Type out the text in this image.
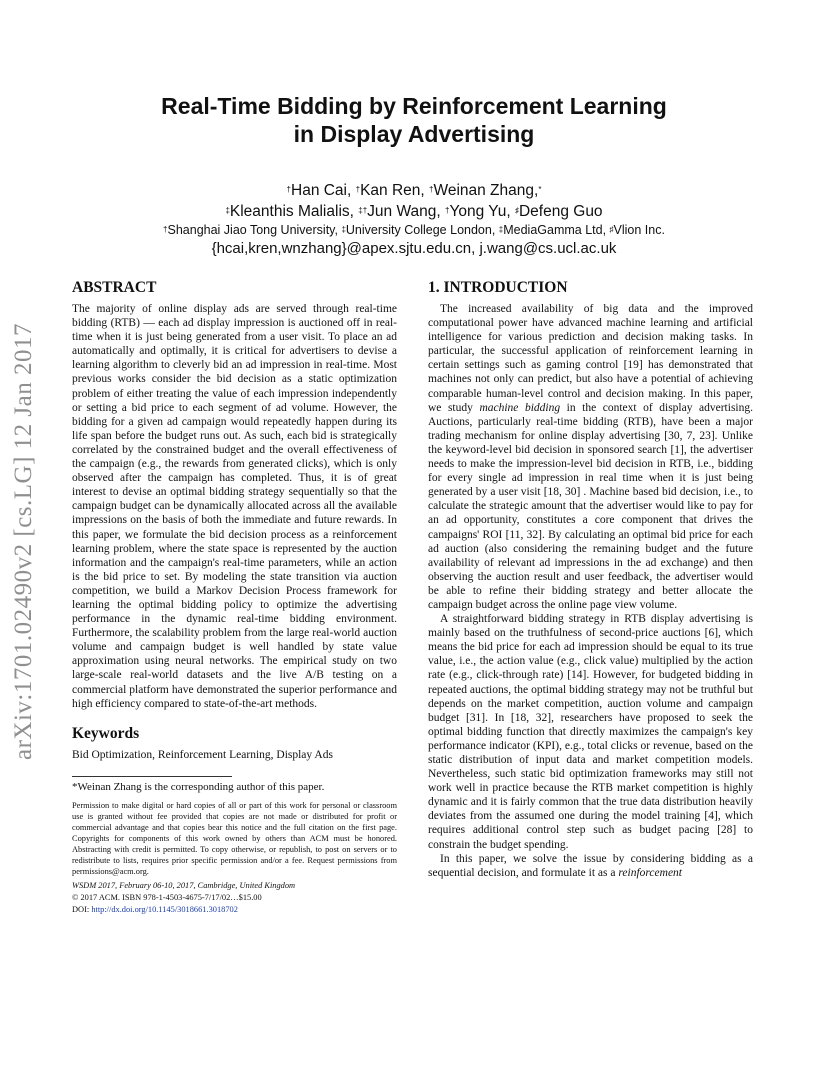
arXiv:1701.02490v2 [cs.LG] 12 Jan 2017
Real-Time Bidding by Reinforcement Learning
in Display Advertising
†Han Cai, †Kan Ren, †Weinan Zhang,*
‡Kleanthis Malialis, ‡†Jun Wang, †Yong Yu, ♯Defeng Guo
†Shanghai Jiao Tong University, ‡University College London, ‡MediaGamma Ltd, ♯Vlion Inc.
{hcai,kren,wnzhang}@apex.sjtu.edu.cn, j.wang@cs.ucl.ac.uk
ABSTRACT

The majority of online display ads are served through real-time bidding (RTB) — each ad display impression is auctioned off in real-time when it is just being generated from a user visit. To place an ad automatically and optimally, it is critical for advertisers to devise a learning algorithm to cleverly bid an ad impression in real-time. Most previous works consider the bid decision as a static optimization problem of either treating the value of each impression independently or setting a bid price to each segment of ad volume. However, the bidding for a given ad campaign would repeatedly happen during its life span before the budget runs out. As such, each bid is strategically correlated by the constrained budget and the overall effectiveness of the campaign (e.g., the rewards from generated clicks), which is only observed after the campaign has completed. Thus, it is of great interest to devise an optimal bidding strategy sequentially so that the campaign budget can be dynamically allocated across all the available impressions on the basis of both the immediate and future rewards. In this paper, we formulate the bid decision process as a reinforcement learning problem, where the state space is represented by the auction information and the campaign's real-time parameters, while an action is the bid price to set. By modeling the state transition via auction competition, we build a Markov Decision Process framework for learning the optimal bidding policy to optimize the advertising performance in the dynamic real-time bidding environment. Furthermore, the scalability problem from the large real-world auction volume and campaign budget is well handled by state value approximation using neural networks. The empirical study on two large-scale real-world datasets and the live A/B testing on a commercial platform have demonstrated the superior performance and high efficiency compared to state-of-the-art methods.

Keywords

Bid Optimization, Reinforcement Learning, Display Ads

*Weinan Zhang is the corresponding author of this paper.
Permission to make digital or hard copies of all or part of this work for personal or classroom use is granted without fee provided that copies are not made or distributed for profit or commercial advantage and that copies bear this notice and the full citation on the first page. Copyrights for components of this work owned by others than ACM must be honored. Abstracting with credit is permitted. To copy otherwise, or republish, to post on servers or to redistribute to lists, requires prior specific permission and/or a fee. Request permissions from permissions@acm.org.
WSDM 2017, February 06-10, 2017, Cambridge, United Kingdom
© 2017 ACM. ISBN 978-1-4503-4675-7/17/02…$15.00
DOI: http://dx.doi.org/10.1145/3018661.3018702
1. INTRODUCTION

The increased availability of big data and the improved computational power have advanced machine learning and artificial intelligence for various prediction and decision making tasks. In particular, the successful application of reinforcement learning in certain settings such as gaming control [19] has demonstrated that machines not only can predict, but also have a potential of achieving comparable human-level control and decision making. In this paper, we study machine bidding in the context of display advertising. Auctions, particularly real-time bidding (RTB), have been a major trading mechanism for online display advertising [30, 7, 23]. Unlike the keyword-level bid decision in sponsored search [1], the advertiser needs to make the impression-level bid decision in RTB, i.e., bidding for every single ad impression in real time when it is just being generated by a user visit [18, 30] . Machine based bid decision, i.e., to calculate the strategic amount that the advertiser would like to pay for an ad opportunity, constitutes a core component that drives the campaigns' ROI [11, 32]. By calculating an optimal bid price for each ad auction (also considering the remaining budget and the future availability of relevant ad impressions in the ad exchange) and then observing the auction result and user feedback, the advertiser would be able to refine their bidding strategy and better allocate the campaign budget across the online page view volume.

A straightforward bidding strategy in RTB display advertising is mainly based on the truthfulness of second-price auctions [6], which means the bid price for each ad impression should be equal to its true value, i.e., the action value (e.g., click value) multiplied by the action rate (e.g., click-through rate) [14]. However, for budgeted bidding in repeated auctions, the optimal bidding strategy may not be truthful but depends on the market competition, auction volume and campaign budget [31]. In [18, 32], researchers have proposed to seek the optimal bidding function that directly maximizes the campaign's key performance indicator (KPI), e.g., total clicks or revenue, based on the static distribution of input data and market competition models. Nevertheless, such static bid optimization frameworks may still not work well in practice because the RTB market competition is highly dynamic and it is fairly common that the true data distribution heavily deviates from the assumed one during the model training [4], which requires additional control step such as budget pacing [28] to constrain the budget spending.

In this paper, we solve the issue by considering bidding as a sequential decision, and formulate it as a reinforcement
